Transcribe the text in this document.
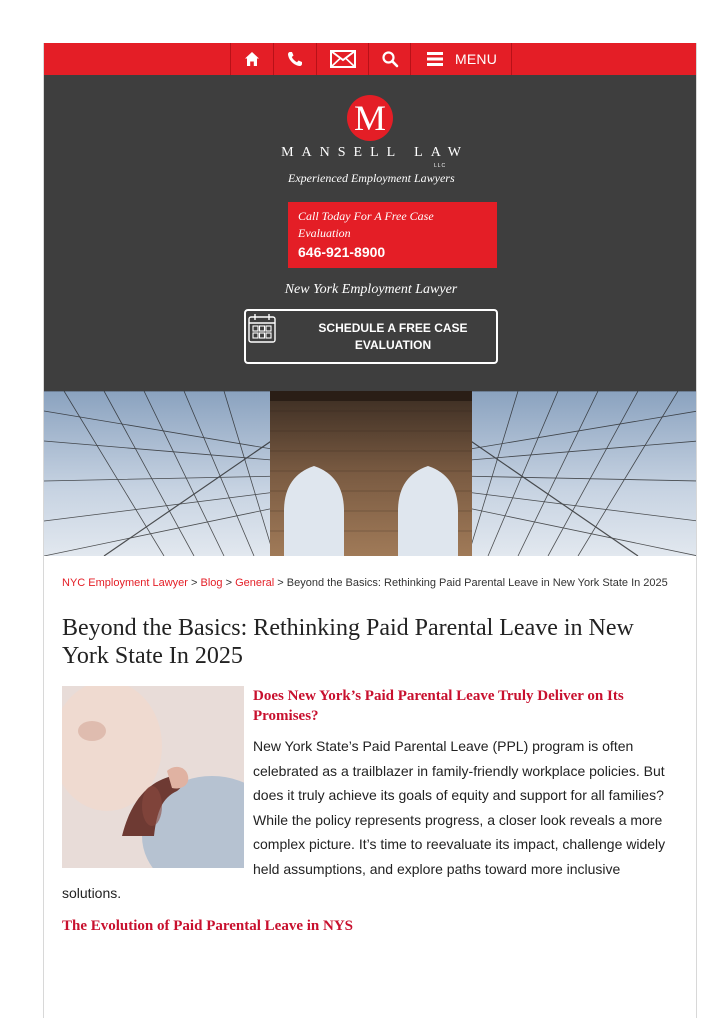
MENU
M
MANSELL LAW
LLC
Experienced Employment Lawyers
Call Today For A Free Case Evaluation
646-921-8900
New York Employment Lawyer
SCHEDULE A FREE CASE EVALUATION
NYC Employment Lawyer > Blog > General > Beyond the Basics: Rethinking Paid Parental Leave in New York State In 2025
Beyond the Basics: Rethinking Paid Parental Leave in New York State In 2025
Does New York’s Paid Parental Leave Truly Deliver on Its Promises?

New York State’s Paid Parental Leave (PPL) program is often celebrated as a trailblazer in family-friendly workplace policies. But does it truly achieve its goals of equity and support for all families? While the policy represents progress, a closer look reveals a more complex picture. It’s time to reevaluate its impact, challenge widely held assumptions, and explore paths toward more inclusive solutions.

The Evolution of Paid Parental Leave in NYS
